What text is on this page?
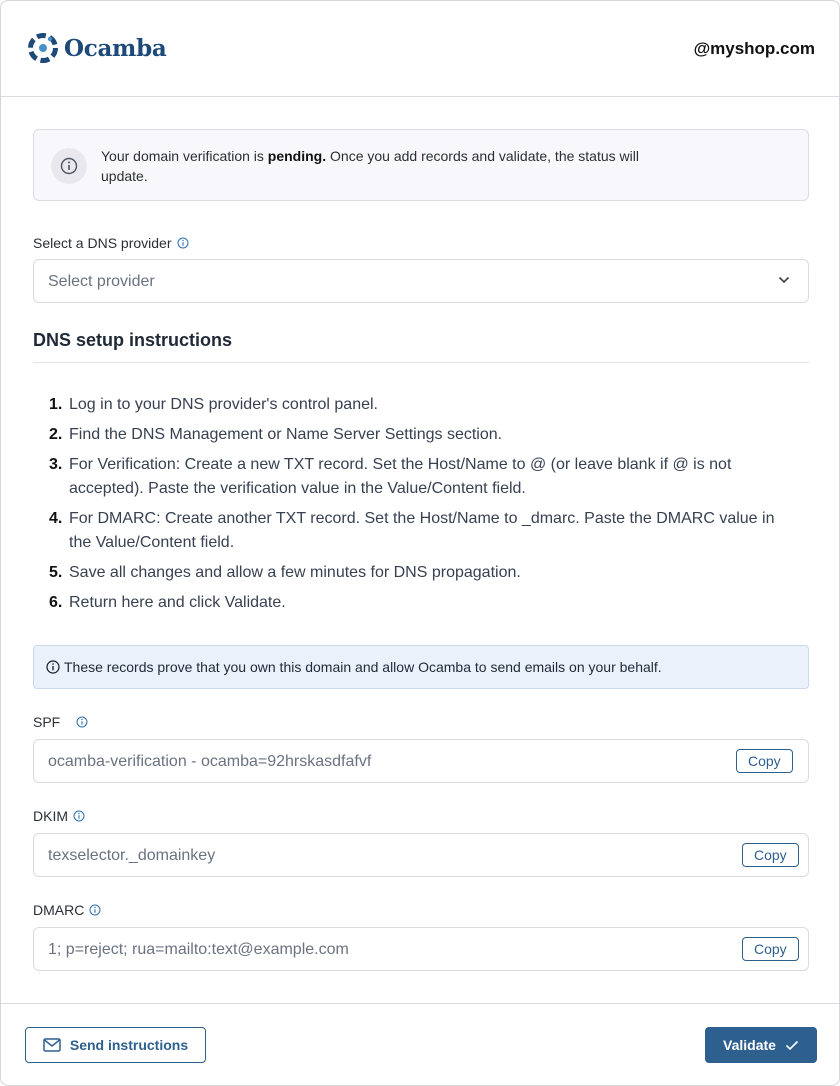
Ocamba	@myshop.com
Your domain verification is pending. Once you add records and validate, the status will update.
Select a DNS provider
Select provider
DNS setup instructions
1. Log in to your DNS provider's control panel.
2. Find the DNS Management or Name Server Settings section.
3. For Verification: Create a new TXT record. Set the Host/Name to @ (or leave blank if @ is not accepted). Paste the verification value in the Value/Content field.
4. For DMARC: Create another TXT record. Set the Host/Name to _dmarc. Paste the DMARC value in the Value/Content field.
5. Save all changes and allow a few minutes for DNS propagation.
6. Return here and click Validate.
These records prove that you own this domain and allow Ocamba to send emails on your behalf.
SPF
ocamba-verification - ocamba=92hrskasdfafvf	Copy
DKIM
texselector._domainkey	Copy
DMARC
1; p=reject; rua=mailto:text@example.com	Copy
Send instructions	Validate
